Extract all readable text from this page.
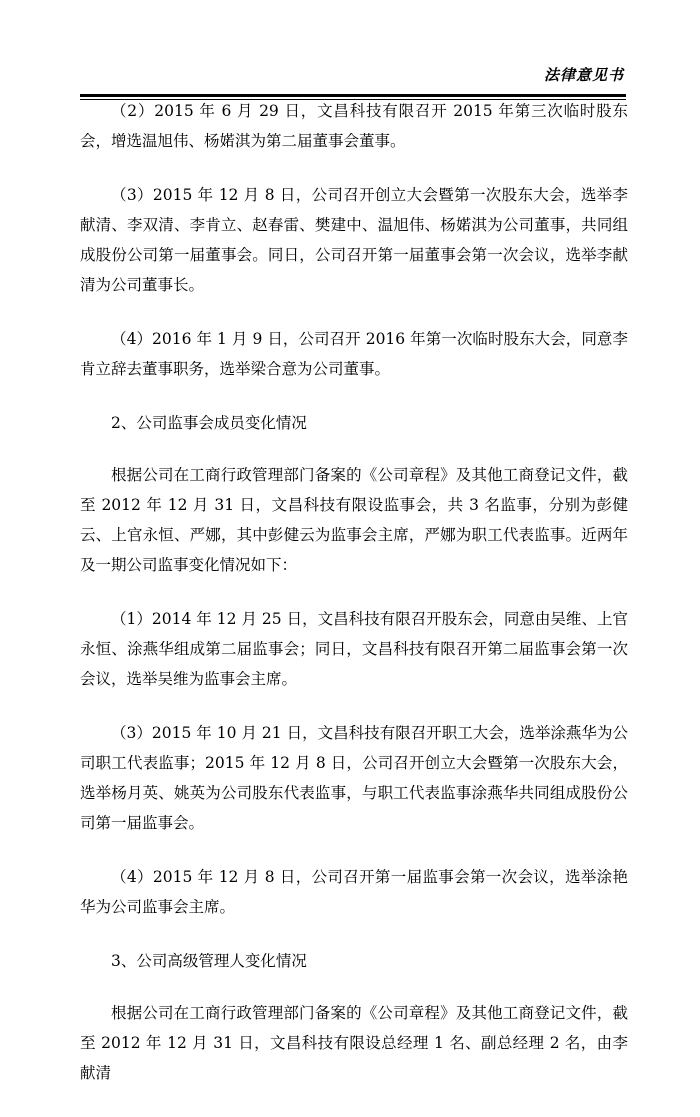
法律意见书

（2）2015 年 6 月 29 日，文昌科技有限召开 2015 年第三次临时股东会，增选温旭伟、杨婼淇为第二届董事会董事。

（3）2015 年 12 月 8 日，公司召开创立大会暨第一次股东大会，选举李献清、李双清、李肯立、赵春雷、樊建中、温旭伟、杨婼淇为公司董事，共同组成股份公司第一届董事会。同日，公司召开第一届董事会第一次会议，选举李献清为公司董事长。

（4）2016 年 1 月 9 日，公司召开 2016 年第一次临时股东大会，同意李肯立辞去董事职务，选举梁合意为公司董事。

2、公司监事会成员变化情况

根据公司在工商行政管理部门备案的《公司章程》及其他工商登记文件，截至 2012 年 12 月 31 日，文昌科技有限设监事会，共 3 名监事，分别为彭健云、上官永恒、严娜，其中彭健云为监事会主席，严娜为职工代表监事。近两年及一期公司监事变化情况如下：

（1）2014 年 12 月 25 日，文昌科技有限召开股东会，同意由吴维、上官永恒、涂燕华组成第二届监事会；同日，文昌科技有限召开第二届监事会第一次会议，选举吴维为监事会主席。

（3）2015 年 10 月 21 日，文昌科技有限召开职工大会，选举涂燕华为公司职工代表监事；2015 年 12 月 8 日，公司召开创立大会暨第一次股东大会，选举杨月英、姚英为公司股东代表监事，与职工代表监事涂燕华共同组成股份公司第一届监事会。

（4）2015 年 12 月 8 日，公司召开第一届监事会第一次会议，选举涂艳华为公司监事会主席。

3、公司高级管理人变化情况

根据公司在工商行政管理部门备案的《公司章程》及其他工商登记文件，截至 2012 年 12 月 31 日，文昌科技有限设总经理 1 名、副总经理 2 名，由李献清
